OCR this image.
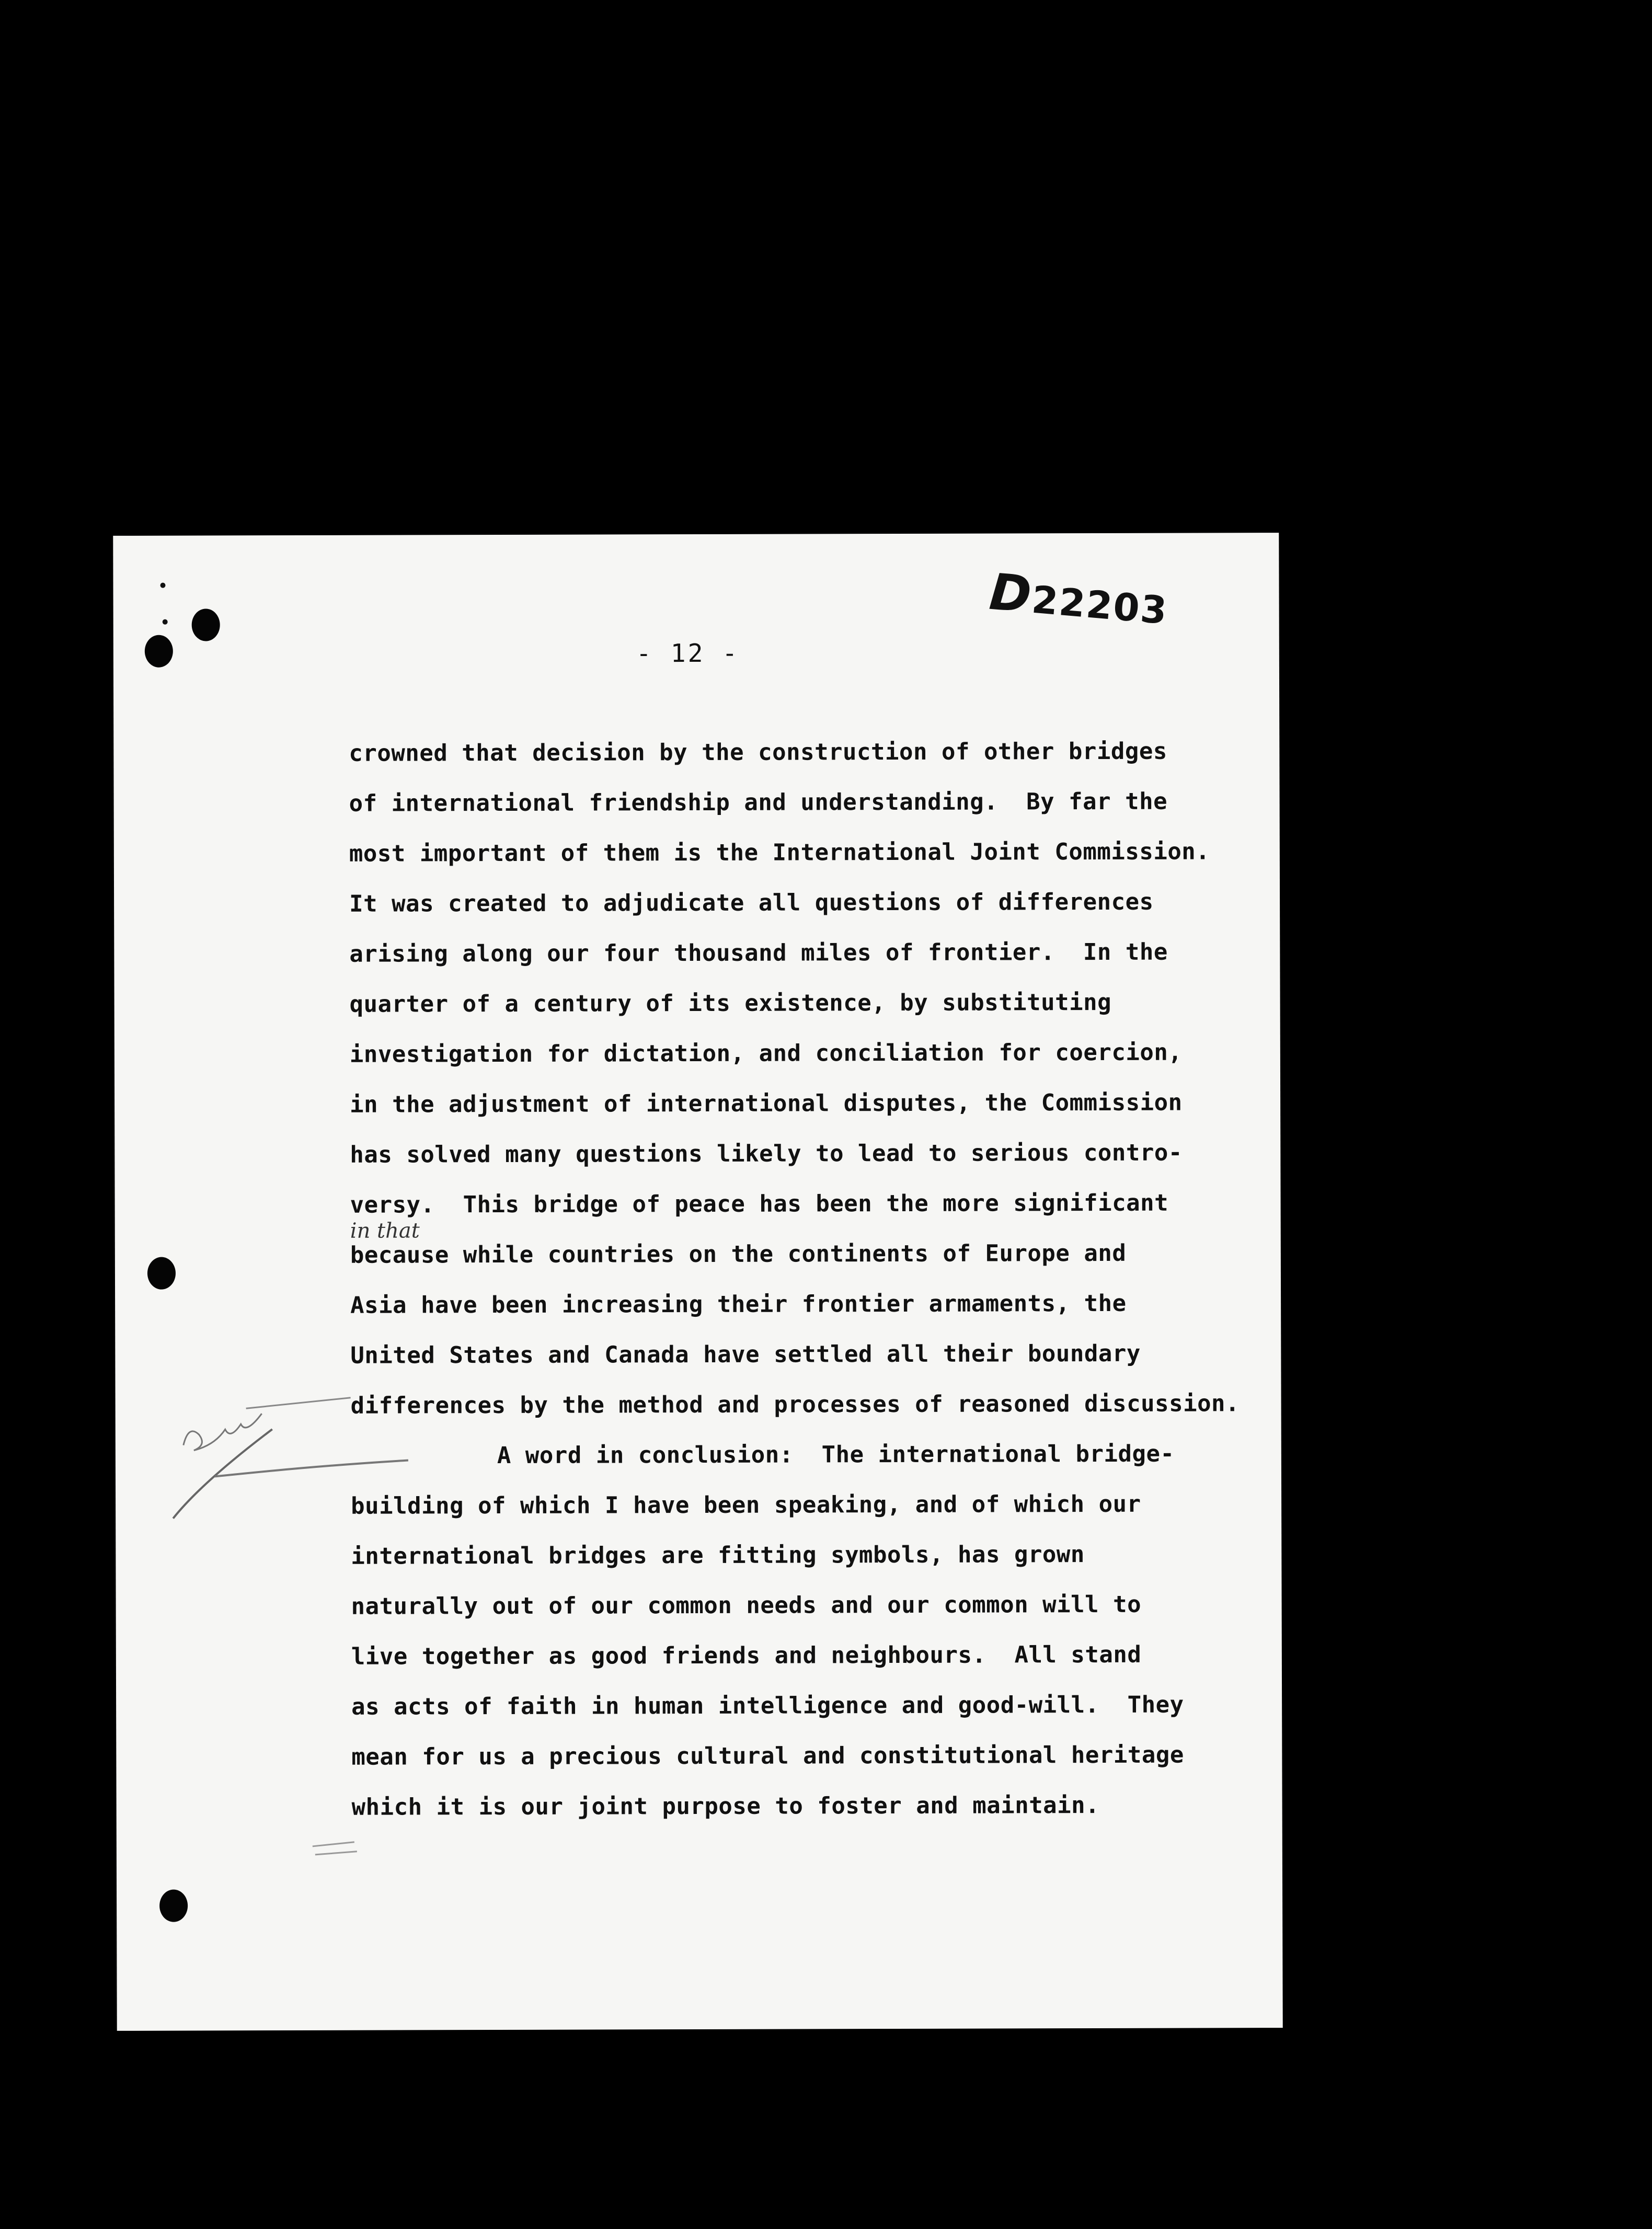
D22203
- 12 -
in that
crowned that decision by the construction of other bridges
of international friendship and understanding.  By far the
most important of them is the International Joint Commission.
It was created to adjudicate all questions of differences
arising along our four thousand miles of frontier.  In the
quarter of a century of its existence, by substituting
investigation for dictation, and conciliation for coercion,
in the adjustment of international disputes, the Commission
has solved many questions likely to lead to serious contro-
versy.  This bridge of peace has been the more significant
because while countries on the continents of Europe and
Asia have been increasing their frontier armaments, the
United States and Canada have settled all their boundary
differences by the method and processes of reasoned discussion.
A word in conclusion:  The international bridge-
building of which I have been speaking, and of which our
international bridges are fitting symbols, has grown
naturally out of our common needs and our common will to
live together as good friends and neighbours.  All stand
as acts of faith in human intelligence and good-will.  They
mean for us a precious cultural and constitutional heritage
which it is our joint purpose to foster and maintain.
